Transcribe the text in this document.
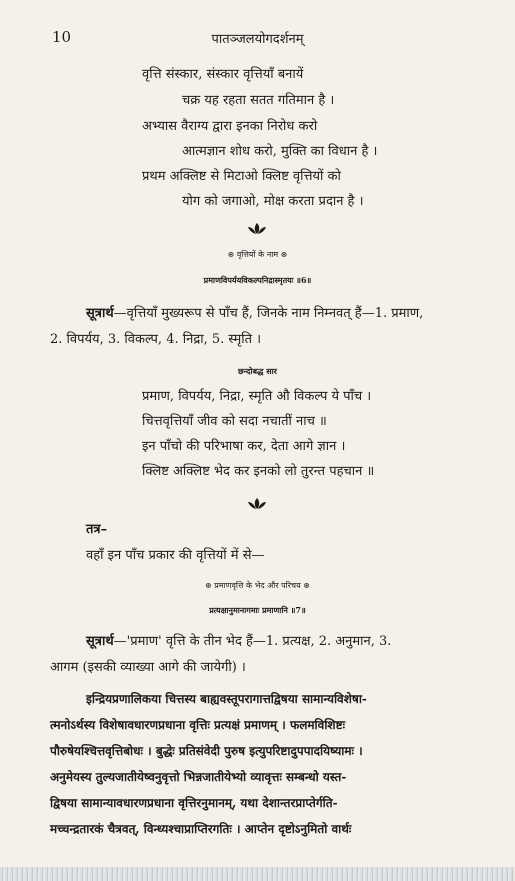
10	पातञ्जलयोगदर्शनम्
वृत्ति संस्कार, संस्कार वृत्तियाँ बनायें
चक्र यह रहता सतत गतिमान है ।
अभ्यास वैराग्य द्वारा इनका निरोध करो
आत्मज्ञान शोध करो, मुक्ति का विधान है ।
प्रथम अक्लिष्ट से मिटाओ क्लिष्ट वृत्तियों को
योग को जगाओ, मोक्ष करता प्रदान है ।
⊛ वृत्तियों के नाम ⊛
प्रमाणविपर्ययविकल्पनिद्रास्मृतयः ॥6॥
सूत्रार्थ—वृत्तियाँ मुख्यरूप से पाँच हैं, जिनके नाम निम्नवत् हैं—1. प्रमाण,
2. विपर्यय, 3. विकल्प, 4. निद्रा, 5. स्मृति ।
छन्दोबद्ध सार
प्रमाण, विपर्यय, निद्रा, स्मृति औ विकल्प ये पाँच ।
चित्तवृत्तियाँ जीव को सदा नचातीं नाच ॥
इन पाँचो की परिभाषा कर, देता आगे ज्ञान ।
क्लिष्ट अक्लिष्ट भेद कर इनको लो तुरन्त पहचान ॥
तत्र–
वहाँ इन पाँच प्रकार की वृत्तियों में से—
⊛ प्रमाणवृत्ति के भेद और परिचय ⊛
प्रत्यक्षानुमानागमाः प्रमाणानि ॥7॥
सूत्रार्थ—'प्रमाण' वृत्ति के तीन भेद हैं—1. प्रत्यक्ष, 2. अनुमान, 3.
आगम (इसकी व्याख्या आगे की जायेगी) ।
इन्द्रियप्रणालिकया चित्तस्य बाह्यवस्तूपरागात्तद्विषया सामान्यविशेषा-
त्मनोऽर्थस्य विशेषावधारणप्रधाना वृत्तिः प्रत्यक्षं प्रमाणम् । फलमविशिष्टः
पौरुषेयश्चित्तवृत्तिबोधः । बुद्धेः प्रतिसंवेदी पुरुष इत्युपरिष्टादुपपादयिष्यामः ।
अनुमेयस्य तुल्यजातीयेष्वनुवृत्तो भिन्नजातीयेभ्यो व्यावृत्तः सम्बन्धो यस्त-
द्विषया सामान्यावधारणप्रधाना वृत्तिरनुमानम्, यथा देशान्तरप्राप्तेर्गति-
मच्चन्द्रतारकं चैत्रवत्, विन्ध्यश्चाप्राप्तिरगतिः । आप्तेन दृष्टोऽनुमितो वार्थः
